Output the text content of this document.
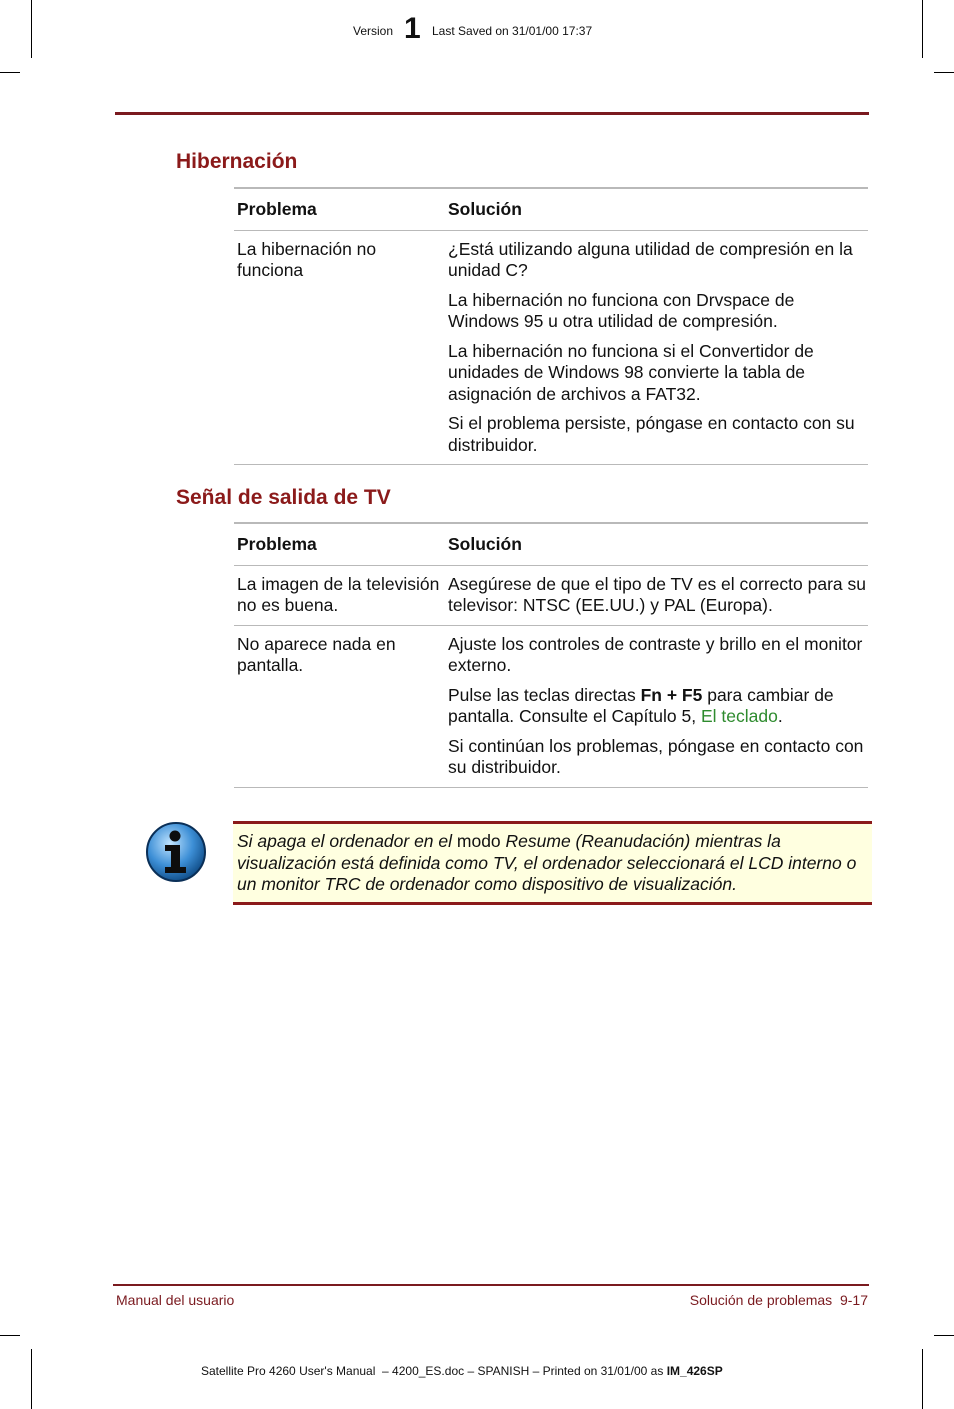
Version 1 Last Saved on 31/01/00 17:37
Hibernación
Problema	Solución
La hibernación no funciona	¿Está utilizando alguna utilidad de compresión en la unidad C?

La hibernación no funciona con Drvspace de Windows 95 u otra utilidad de compresión.

La hibernación no funciona si el Convertidor de unidades de Windows 98 convierte la tabla de asignación de archivos a FAT32.

Si el problema persiste, póngase en contacto con su distribuidor.

Señal de salida de TV
Problema	Solución
La imagen de la televisión no es buena.	Asegúrese de que el tipo de TV es el correcto para su televisor: NTSC (EE.UU.) y PAL (Europa).

No aparece nada en pantalla.	Ajuste los controles de contraste y brillo en el monitor externo.

Pulse las teclas directas Fn + F5 para cambiar de pantalla. Consulte el Capítulo 5, El teclado.

Si continúan los problemas, póngase en contacto con su distribuidor.

Si apaga el ordenador en el modo Resume (Reanudación) mientras la visualización está definida como TV, el ordenador seleccionará el LCD interno o un monitor TRC de ordenador como dispositivo de visualización.
Manual del usuario	Solución de problemas  9-17
Satellite Pro 4260 User's Manual  – 4200_ES.doc – SPANISH – Printed on 31/01/00 as IM_426SP
